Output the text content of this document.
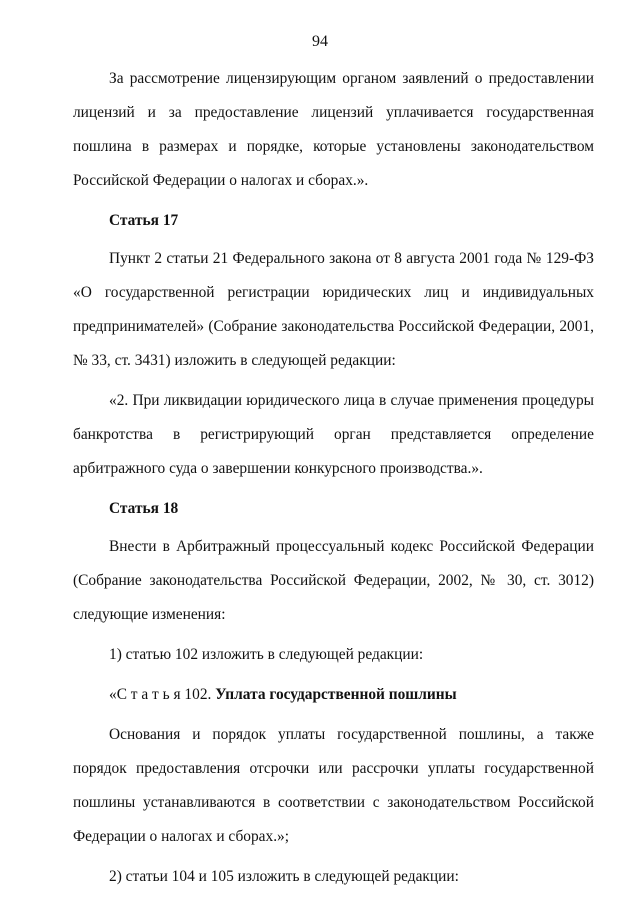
94

За рассмотрение лицензирующим органом заявлений о предоставлении лицензий и за предоставление лицензий уплачивается государственная пошлина в размерах и порядке, которые установлены законодательством Российской Федерации о налогах и сборах.».

Статья 17

Пункт 2 статьи 21 Федерального закона от 8 августа 2001 года № 129-ФЗ «О государственной регистрации юридических лиц и индивидуальных предпринимателей» (Собрание законодательства Российской Федерации, 2001, № 33, ст. 3431) изложить в следующей редакции:

«2. При ликвидации юридического лица в случае применения процедуры банкротства в регистрирующий орган представляется определение арбитражного суда о завершении конкурсного производства.».

Статья 18

Внести в Арбитражный процессуальный кодекс Российской Федерации (Собрание законодательства Российской Федерации, 2002, № 30, ст. 3012) следующие изменения:

1) статью 102 изложить в следующей редакции:

«С т а т ь я 102. Уплата государственной пошлины

Основания и порядок уплаты государственной пошлины, а также порядок предоставления отсрочки или рассрочки уплаты государственной пошлины устанавливаются в соответствии с законодательством Российской Федерации о налогах и сборах.»;

2) статьи 104 и 105 изложить в следующей редакции:
